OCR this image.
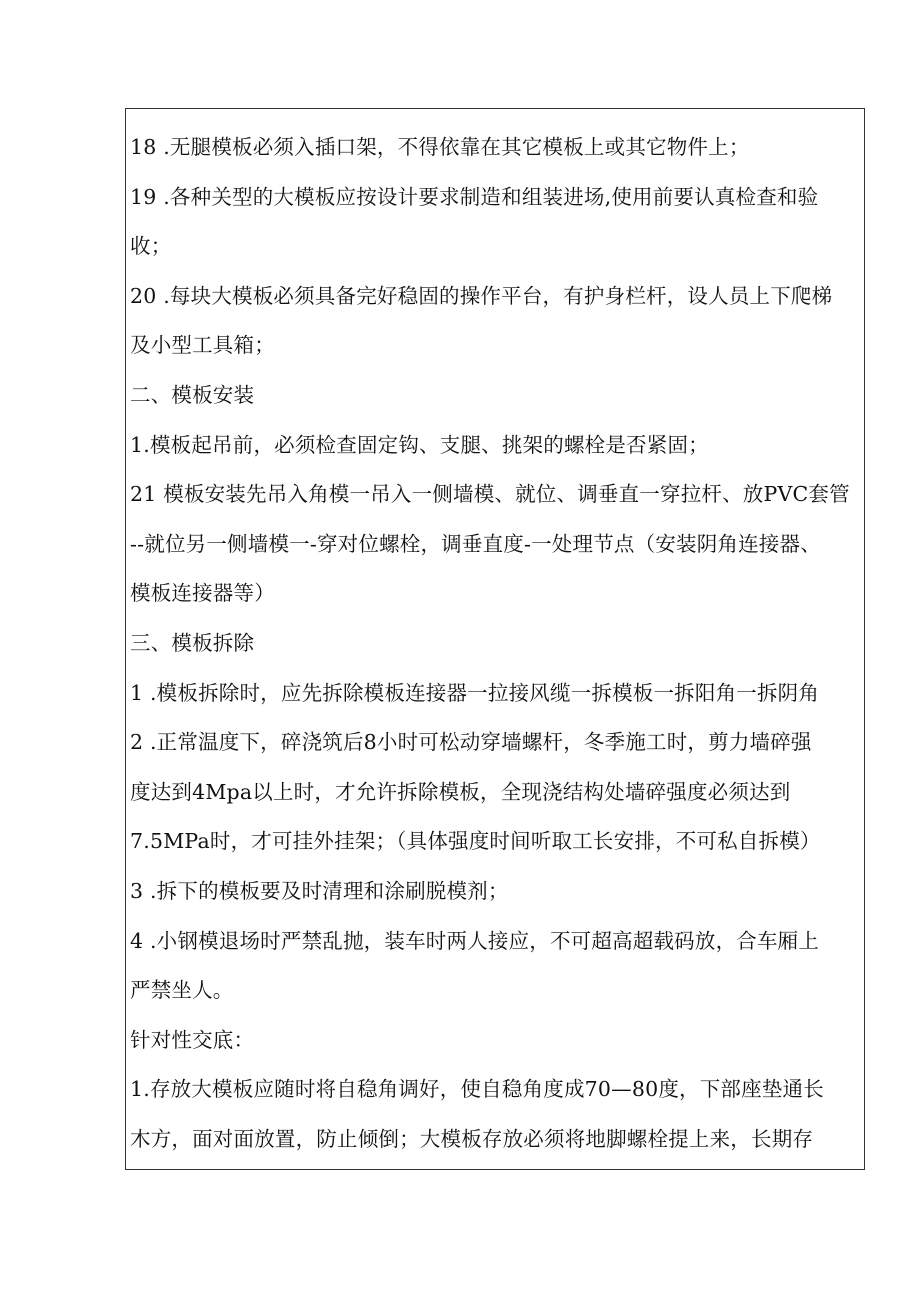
18 .无腿模板必须入插口架，不得依靠在其它模板上或其它物件上；
19 .各种关型的大模板应按设计要求制造和组装进场,使用前要认真检查和验
收；
20 .每块大模板必须具备完好稳固的操作平台，有护身栏杆，设人员上下爬梯
及小型工具箱；
二、模板安装
1.模板起吊前，必须检查固定钩、支腿、挑架的螺栓是否紧固；
21 模板安装先吊入角模一吊入一侧墙模、就位、调垂直一穿拉杆、放PVC套管
--就位另一侧墙模一-穿对位螺栓，调垂直度-一处理节点（安装阴角连接器、
模板连接器等）
三、模板拆除
1 .模板拆除时，应先拆除模板连接器一拉接风缆一拆模板一拆阳角一拆阴角
2 .正常温度下，碎浇筑后8小时可松动穿墙螺杆，冬季施工时，剪力墙碎强
度达到4Mpa以上时，才允许拆除模板，全现浇结构处墙碎强度必须达到
7.5MPa时，才可挂外挂架；（具体强度时间听取工长安排，不可私自拆模）
3 .拆下的模板要及时清理和涂刷脱模剂；
4 .小钢模退场时严禁乱抛，装车时两人接应，不可超高超载码放，合车厢上
严禁坐人。
针对性交底：
1.存放大模板应随时将自稳角调好，使自稳角度成70—80度，下部座垫通长
木方，面对面放置，防止倾倒；大模板存放必须将地脚螺栓提上来，长期存
